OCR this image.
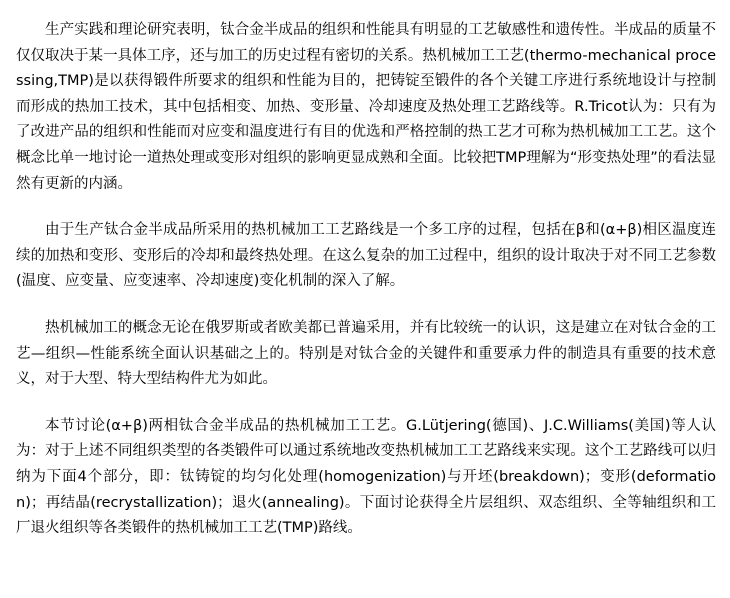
生产实践和理论研究表明，钛合金半成品的组织和性能具有明显的工艺敏感性和遗传性。半成品的质量不仅仅取决于某一具体工序，还与加工的历史过程有密切的关系。热机械加工工艺(thermo-mechanical processing,TMP)是以获得锻件所要求的组织和性能为目的，把铸锭至锻件的各个关键工序进行系统地设计与控制而形成的热加工技术，其中包括相变、加热、变形量、冷却速度及热处理工艺路线等。R.Tricot认为：只有为了改进产品的组织和性能而对应变和温度进行有目的优选和严格控制的热工艺才可称为热机械加工工艺。这个概念比单一地讨论一道热处理或变形对组织的影响更显成熟和全面。比较把TMP理解为“形变热处理”的看法显然有更新的内涵。

由于生产钛合金半成品所采用的热机械加工工艺路线是一个多工序的过程，包括在β和(α+β)相区温度连续的加热和变形、变形后的冷却和最终热处理。在这么复杂的加工过程中，组织的设计取决于对不同工艺参数(温度、应变量、应变速率、冷却速度)变化机制的深入了解。

热机械加工的概念无论在俄罗斯或者欧美都已普遍采用，并有比较统一的认识，这是建立在对钛合金的工艺—组织—性能系统全面认识基础之上的。特别是对钛合金的关键件和重要承力件的制造具有重要的技术意义，对于大型、特大型结构件尤为如此。

本节讨论(α+β)两相钛合金半成品的热机械加工工艺。G.Lütjering(德国)、J.C.Williams(美国)等人认为：对于上述不同组织类型的各类锻件可以通过系统地改变热机械加工工艺路线来实现。这个工艺路线可以归纳为下面4个部分，即：钛铸锭的均匀化处理(homogenization)与开坯(breakdown)；变形(deformation)；再结晶(recrystallization)；退火(annealing)。下面讨论获得全片层组织、双态组织、全等轴组织和工厂退火组织等各类锻件的热机械加工工艺(TMP)路线。
